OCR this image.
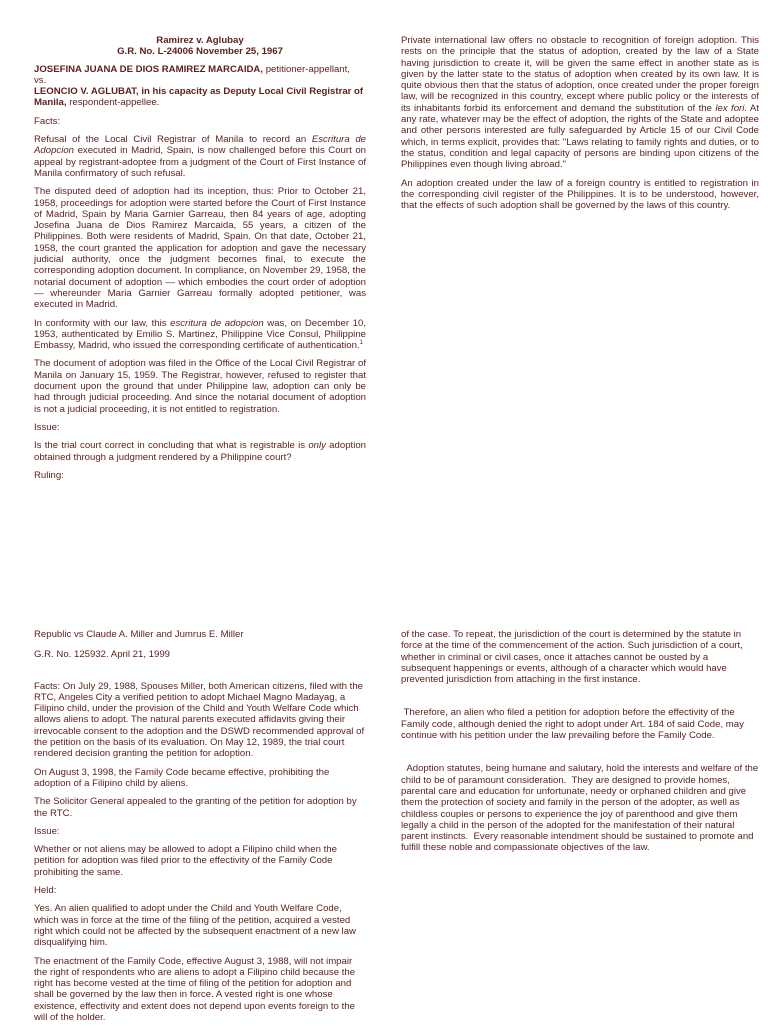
Ramirez v. Aglubay

G.R. No. L-24006 November 25, 1967

JOSEFINA JUANA DE DIOS RAMIREZ MARCAIDA, petitioner-appellant,

vs.

LEONCIO V. AGLUBAT, in his capacity as Deputy Local Civil Registrar of Manila, respondent-appellee.

Facts:

Refusal of the Local Civil Registrar of Manila to record an Escritura de Adopcion executed in Madrid, Spain, is now challenged before this Court on appeal by registrant-adoptee from a judgment of the Court of First Instance of Manila confirmatory of such refusal.

The disputed deed of adoption had its inception, thus: Prior to October 21, 1958, proceedings for adoption were started before the Court of First Instance of Madrid, Spain by Maria Garnier Garreau, then 84 years of age, adopting Josefina Juana de Dios Ramirez Marcaida, 55 years, a citizen of the Philippines. Both were residents of Madrid, Spain. On that date, October 21, 1958, the court granted the application for adoption and gave the necessary judicial authority, once the judgment becomes final, to execute the corresponding adoption document. In compliance, on November 29, 1958, the notarial document of adoption — which embodies the court order of adoption — whereunder Maria Garnier Garreau formally adopted petitioner, was executed in Madrid.

In conformity with our law, this escritura de adopcion was, on December 10, 1953, authenticated by Emilio S. Martinez, Philippine Vice Consul, Philippine Embassy, Madrid, who issued the corresponding certificate of authentication.$^1$

The document of adoption was filed in the Office of the Local Civil Registrar of Manila on January 15, 1959. The Registrar, however, refused to register that document upon the ground that under Philippine law, adoption can only be had through judicial proceeding. And since the notarial document of adoption is not a judicial proceeding, it is not entitled to registration.

Issue:

Is the trial court correct in concluding that what is registrable is only adoption obtained through a judgment rendered by a Philippine court?

Ruling:

Private international law offers no obstacle to recognition of foreign adoption. This rests on the principle that the status of adoption, created by the law of a State having jurisdiction to create it, will be given the same effect in another state as is given by the latter state to the status of adoption when created by its own law. It is quite obvious then that the status of adoption, once created under the proper foreign law, will be recognized in this country, except where public policy or the interests of its inhabitants forbid its enforcement and demand the substitution of the lex fori. At any rate, whatever may be the effect of adoption, the rights of the State and adoptee and other persons interested are fully safeguarded by Article 15 of our Civil Code which, in terms explicit, provides that: "Laws relating to family rights and duties, or to the status, condition and legal capacity of persons are binding upon citizens of the Philippines even though living abroad."

An adoption created under the law of a foreign country is entitled to registration in the corresponding civil register of the Philippines. It is to be understood, however, that the effects of such adoption shall be governed by the laws of this country.

Republic vs Claude A. Miller and Jumrus E. Miller

G.R. No. 125932. April 21, 1999

Facts: On July 29, 1988, Spouses Miller, both American citizens, filed with the RTC, Angeles City a verified petition to adopt Michael Magno Madayag, a Filipino child, under the provision of the Child and Youth Welfare Code which allows aliens to adopt. The natural parents executed affidavits giving their irrevocable consent to the adoption and the DSWD recommended approval of the petition on the basis of its evaluation. On May 12, 1989, the trial court rendered decision granting the petition for adoption.

On August 3, 1998, the Family Code became effective, prohibiting the adoption of a Filipino child by aliens.

The Solicitor General appealed to the granting of the petition for adoption by the RTC.

Issue:

Whether or not aliens may be allowed to adopt a Filipino child when the petition for adoption was filed prior to the effectivity of the Family Code prohibiting the same.

Held:

Yes. An alien qualified to adopt under the Child and Youth Welfare Code, which was in force at the time of the filing of the petition, acquired a vested right which could not be affected by the subsequent enactment of a new law disqualifying him.

The enactment of the Family Code, effective August 3, 1988, will not impair the right of respondents who are aliens to adopt a Filipino child because the right has become vested at the time of filing of the petition for adoption and shall be governed by the law then in force. A vested right is one whose existence, effectivity and extent does not depend upon events foreign to the will of the holder.

of the case. To repeat, the jurisdiction of the court is determined by the statute in force at the time of the commencement of the action. Such jurisdiction of a court, whether in criminal or civil cases, once it attaches cannot be ousted by a subsequent happenings or events, although of a character which would have prevented jurisdiction from attaching in the first instance.

Therefore, an alien who filed a petition for adoption before the effectivity of the Family code, although denied the right to adopt under Art. 184 of said Code, may continue with his petition under the law prevailing before the Family Code.

Adoption statutes, being humane and salutary, hold the interests and welfare of the child to be of paramount consideration.  They are designed to provide homes, parental care and education for unfortunate, needy or orphaned children and give them the protection of society and family in the person of the adopter, as well as childless couples or persons to experience the joy of parenthood and give them legally a child in the person of the adopted for the manifestation of their natural parent instincts.  Every reasonable intendment should be sustained to promote and fulfill these noble and compassionate objectives of the law.
